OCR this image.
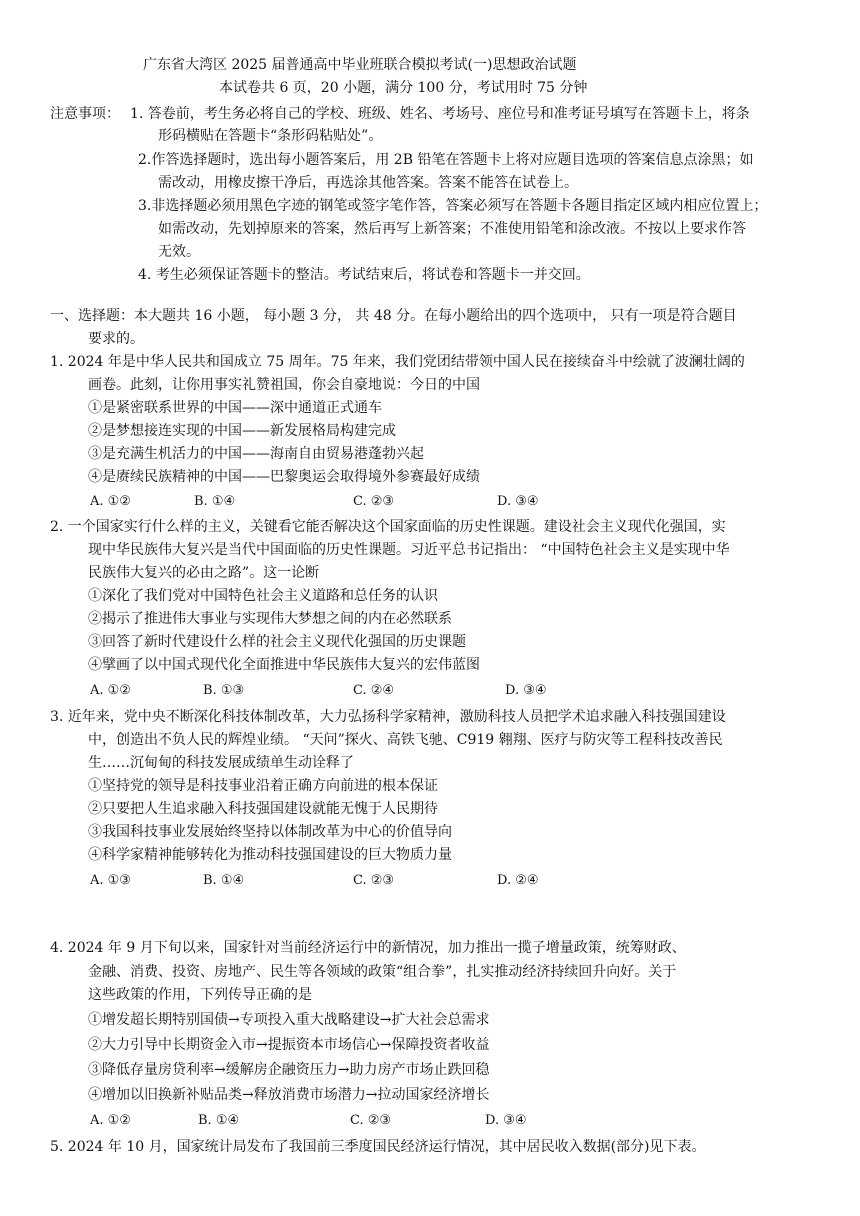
广东省大湾区 2025 届普通高中毕业班联合模拟考试(一)思想政治试题
本试卷共 6 页，20 小题，满分 100 分，考试用时 75 分钟
注意事项： 1. 答卷前，考生务必将自己的学校、班级、姓名、考场号、座位号和准考证号填写在答题卡上，将条
形码横贴在答题卡“条形码粘贴处”。
2.作答选择题时，选出每小题答案后，用 2B 铅笔在答题卡上将对应题目选项的答案信息点涂黑；如
需改动，用橡皮擦干净后，再选涂其他答案。答案不能答在试卷上。
3.非选择题必须用黑色字迹的钢笔或签字笔作答，答案必须写在答题卡各题目指定区域内相应位置上；
如需改动，先划掉原来的答案，然后再写上新答案；不准使用铅笔和涂改液。不按以上要求作答
无效。
4. 考生必须保证答题卡的整洁。考试结束后，将试卷和答题卡一并交回。
一、选择题：本大题共 16 小题， 每小题 3 分， 共 48 分。在每小题给出的四个选项中， 只有一项是符合题目
要求的。
1. 2024 年是中华人民共和国成立 75 周年。75 年来，我们党团结带领中国人民在接续奋斗中绘就了波澜壮阔的
画卷。此刻，让你用事实礼赞祖国，你会自豪地说：今日的中国
①是紧密联系世界的中国——深中通道正式通车
②是梦想接连实现的中国——新发展格局构建完成
③是充满生机活力的中国——海南自由贸易港蓬勃兴起
④是赓续民族精神的中国——巴黎奥运会取得境外参赛最好成绩
A. ①②	B. ①④	C. ②③	D. ③④
2. 一个国家实行什么样的主义，关键看它能否解决这个国家面临的历史性课题。建设社会主义现代化强国，实
现中华民族伟大复兴是当代中国面临的历史性课题。习近平总书记指出： “中国特色社会主义是实现中华
民族伟大复兴的必由之路”。这一论断
①深化了我们党对中国特色社会主义道路和总任务的认识
②揭示了推进伟大事业与实现伟大梦想之间的内在必然联系
③回答了新时代建设什么样的社会主义现代化强国的历史课题
④擘画了以中国式现代化全面推进中华民族伟大复兴的宏伟蓝图
A. ①②	B. ①③	C. ②④	D. ③④
3. 近年来，党中央不断深化科技体制改革，大力弘扬科学家精神，激励科技人员把学术追求融入科技强国建设
中，创造出不负人民的辉煌业绩。 “天问”探火、高铁飞驰、C919 翱翔、医疗与防灾等工程科技改善民
生……沉甸甸的科技发展成绩单生动诠释了
①坚持党的领导是科技事业沿着正确方向前进的根本保证
②只要把人生追求融入科技强国建设就能无愧于人民期待
③我国科技事业发展始终坚持以体制改革为中心的价值导向
④科学家精神能够转化为推动科技强国建设的巨大物质力量
A. ①③	B. ①④	C. ②③	D. ②④
4. 2024 年 9 月下旬以来，国家针对当前经济运行中的新情况，加力推出一揽子增量政策，统筹财政、
金融、消费、投资、房地产、民生等各领域的政策“组合拳”，扎实推动经济持续回升向好。关于
这些政策的作用，下列传导正确的是
①增发超长期特别国债→专项投入重大战略建设→扩大社会总需求
②大力引导中长期资金入市→提振资本市场信心→保障投资者收益
③降低存量房贷利率→缓解房企融资压力→助力房产市场止跌回稳
④增加以旧换新补贴品类→释放消费市场潜力→拉动国家经济增长
A. ①②	B. ①④	C. ②③	D. ③④
5. 2024 年 10 月，国家统计局发布了我国前三季度国民经济运行情况，其中居民收入数据(部分)见下表。
